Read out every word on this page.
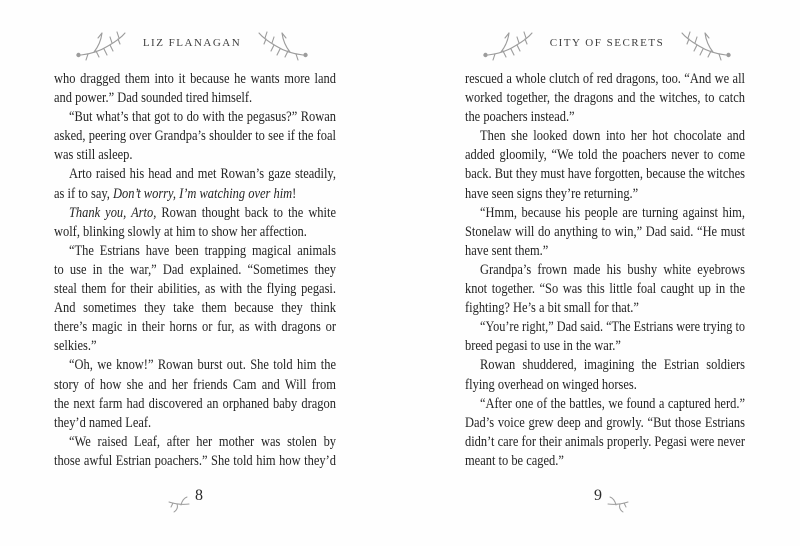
LIZ FLANAGAN
who dragged them into it because he wants more land
and power.” Dad sounded tired himself.
“But what’s that got to do with the pegasus?” Rowan
asked, peering over Grandpa’s shoulder to see if the foal
was still asleep.
Arto raised his head and met Rowan’s gaze steadily,
as if to say, Don’t worry, I’m watching over him!
Thank you, Arto, Rowan thought back to the white
wolf, blinking slowly at him to show her affection.
“The Estrians have been trapping magical animals
to use in the war,” Dad explained. “Sometimes they
steal them for their abilities, as with the flying pegasi.
And sometimes they take them because they think
there’s magic in their horns or fur, as with dragons or
selkies.”
“Oh, we know!” Rowan burst out. She told him the
story of how she and her friends Cam and Will from
the next farm had discovered an orphaned baby dragon
they’d named Leaf.
“We raised Leaf, after her mother was stolen by
those awful Estrian poachers.” She told him how they’d
8
CITY OF SECRETS
rescued a whole clutch of red dragons, too. “And we all
worked together, the dragons and the witches, to catch
the poachers instead.”
Then she looked down into her hot chocolate and
added gloomily, “We told the poachers never to come
back. But they must have forgotten, because the witches
have seen signs they’re returning.”
“Hmm, because his people are turning against him,
Stonelaw will do anything to win,” Dad said. “He must
have sent them.”
Grandpa’s frown made his bushy white eyebrows
knot together. “So was this little foal caught up in the
fighting? He’s a bit small for that.”
“You’re right,” Dad said. “The Estrians were trying to
breed pegasi to use in the war.”
Rowan shuddered, imagining the Estrian soldiers
flying overhead on winged horses.
“After one of the battles, we found a captured herd.”
Dad’s voice grew deep and growly. “But those Estrians
didn’t care for their animals properly. Pegasi were never
meant to be caged.”
9
